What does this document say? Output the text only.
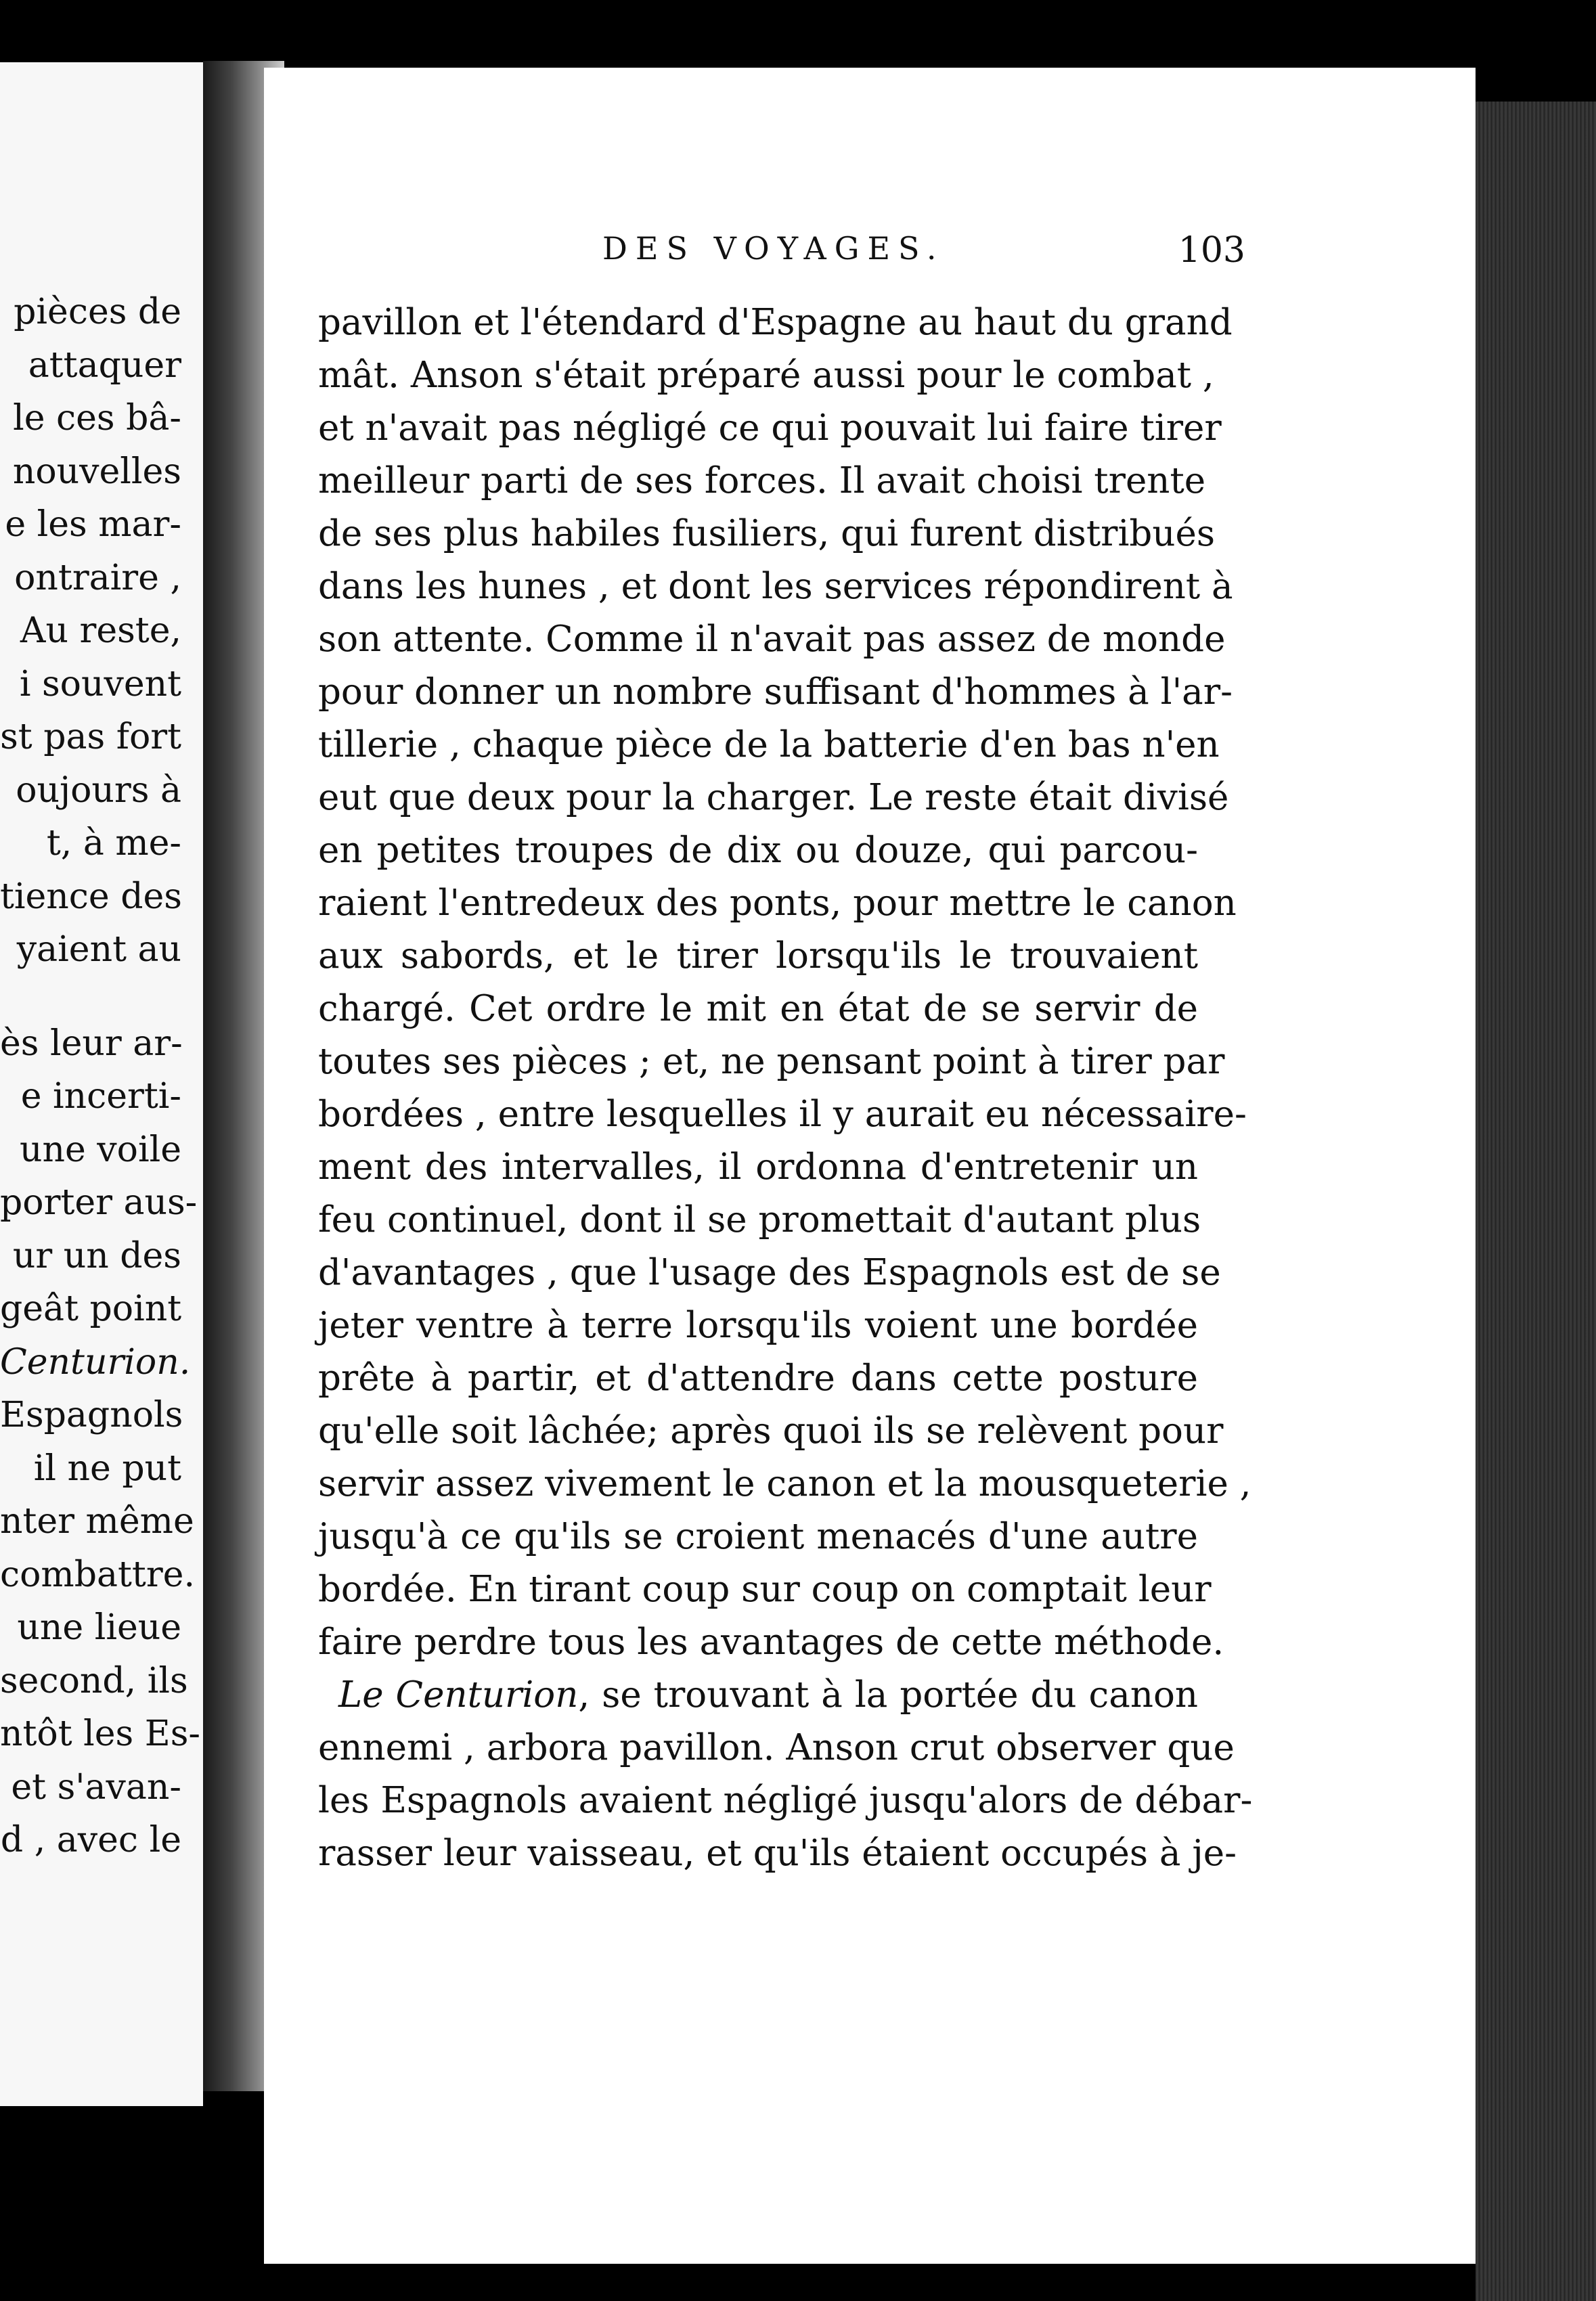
pièces de
attaquer
le ces bâ-
nouvelles
e les mar-
ontraire ,
Au reste,
i souvent
st pas fort
oujours à
t, à me-
tience des
yaient au
ès leur ar-
e incerti-
une voile
porter aus-
ur un des
geât point
Centurion.
Espagnols
il ne put
nter même
combattre.
une lieue
second, ils
ntôt les Es-
et s'avan-
d , avec le
DES VOYAGES.	103
pavillon et l'étendard d'Espagne au haut du grand
mât. Anson s'était préparé aussi pour le combat ,
et n'avait pas négligé ce qui pouvait lui faire tirer
meilleur parti de ses forces. Il avait choisi trente
de ses plus habiles fusiliers, qui furent distribués
dans les hunes , et dont les services répondirent à
son attente. Comme il n'avait pas assez de monde
pour donner un nombre suffisant d'hommes à l'ar-
tillerie , chaque pièce de la batterie d'en bas n'en
eut que deux pour la charger. Le reste était divisé
en petites troupes de dix ou douze, qui parcou-
raient l'entredeux des ponts, pour mettre le canon
aux sabords, et le tirer lorsqu'ils le trouvaient
chargé. Cet ordre le mit en état de se servir de
toutes ses pièces ; et, ne pensant point à tirer par
bordées , entre lesquelles il y aurait eu nécessaire-
ment des intervalles, il ordonna d'entretenir un
feu continuel, dont il se promettait d'autant plus
d'avantages , que l'usage des Espagnols est de se
jeter ventre à terre lorsqu'ils voient une bordée
prête à partir, et d'attendre dans cette posture
qu'elle soit lâchée; après quoi ils se relèvent pour
servir assez vivement le canon et la mousqueterie ,
jusqu'à ce qu'ils se croient menacés d'une autre
bordée. En tirant coup sur coup on comptait leur
faire perdre tous les avantages de cette méthode.
Le Centurion, se trouvant à la portée du canon
ennemi , arbora pavillon. Anson crut observer que
les Espagnols avaient négligé jusqu'alors de débar-
rasser leur vaisseau, et qu'ils étaient occupés à je-
